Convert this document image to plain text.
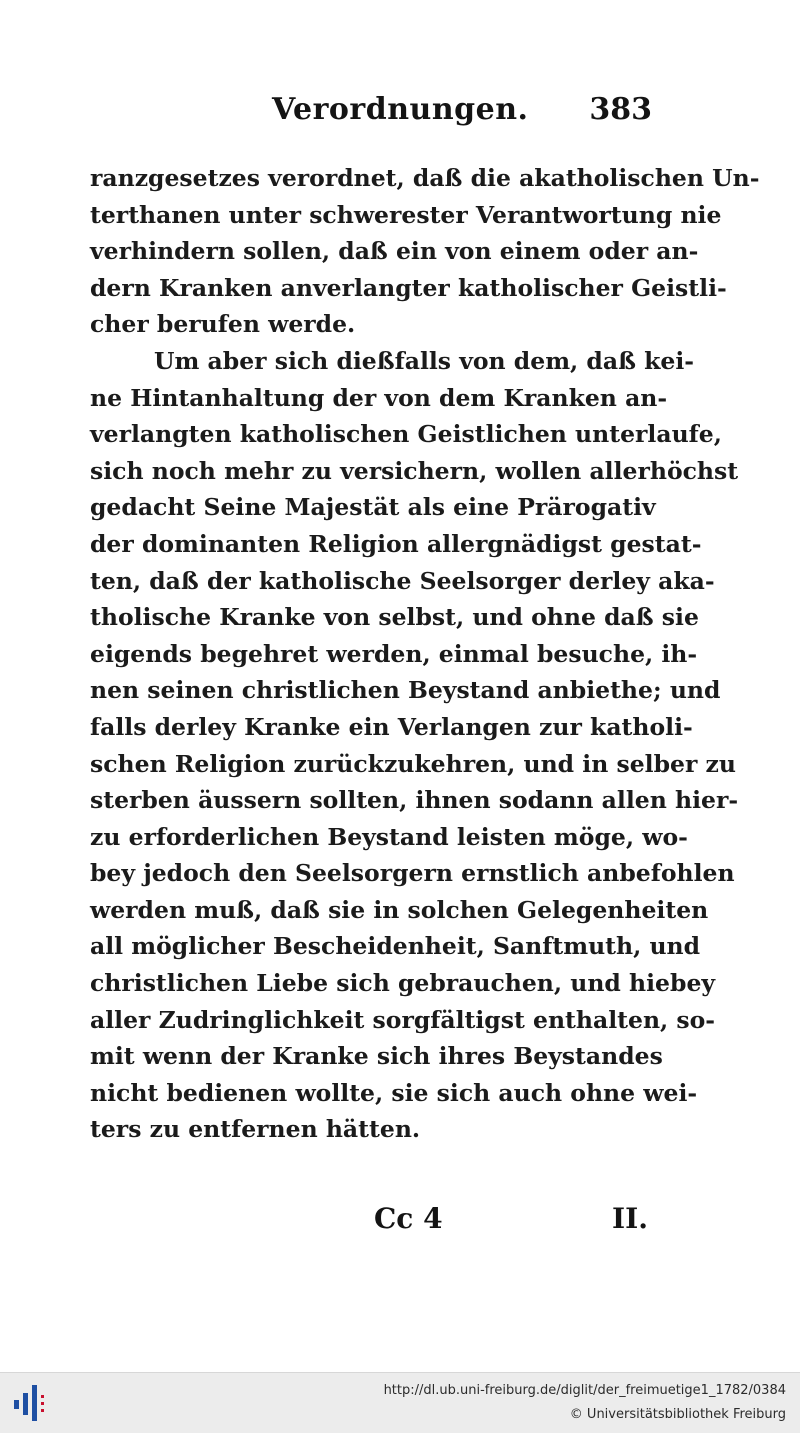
Verordnungen. 383
ranzgesetzes verordnet, daß die akatholischen Un-
terthanen unter schwerester Verantwortung nie
verhindern sollen, daß ein von einem oder an-
dern Kranken anverlangter katholischer Geistli-
cher berufen werde.
Um aber sich dießfalls von dem, daß kei-
ne Hintanhaltung der von dem Kranken an-
verlangten katholischen Geistlichen unterlaufe,
sich noch mehr zu versichern, wollen allerhöchst
gedacht Seine Majestät als eine Prärogativ
der dominanten Religion allergnädigst gestat-
ten, daß der katholische Seelsorger derley aka-
tholische Kranke von selbst, und ohne daß sie
eigends begehret werden, einmal besuche, ih-
nen seinen christlichen Beystand anbiethe; und
falls derley Kranke ein Verlangen zur katholi-
schen Religion zurückzukehren, und in selber zu
sterben äussern sollten, ihnen sodann allen hier-
zu erforderlichen Beystand leisten möge, wo-
bey jedoch den Seelsorgern ernstlich anbefohlen
werden muß, daß sie in solchen Gelegenheiten
all möglicher Bescheidenheit, Sanftmuth, und
christlichen Liebe sich gebrauchen, und hiebey
aller Zudringlichkeit sorgfältigst enthalten, so-
mit wenn der Kranke sich ihres Beystandes
nicht bedienen wollte, sie sich auch ohne wei-
ters zu entfernen hätten.
Cc 4	II.
http://dl.ub.uni-freiburg.de/diglit/der_freimuetige1_1782/0384
© Universitätsbibliothek Freiburg
